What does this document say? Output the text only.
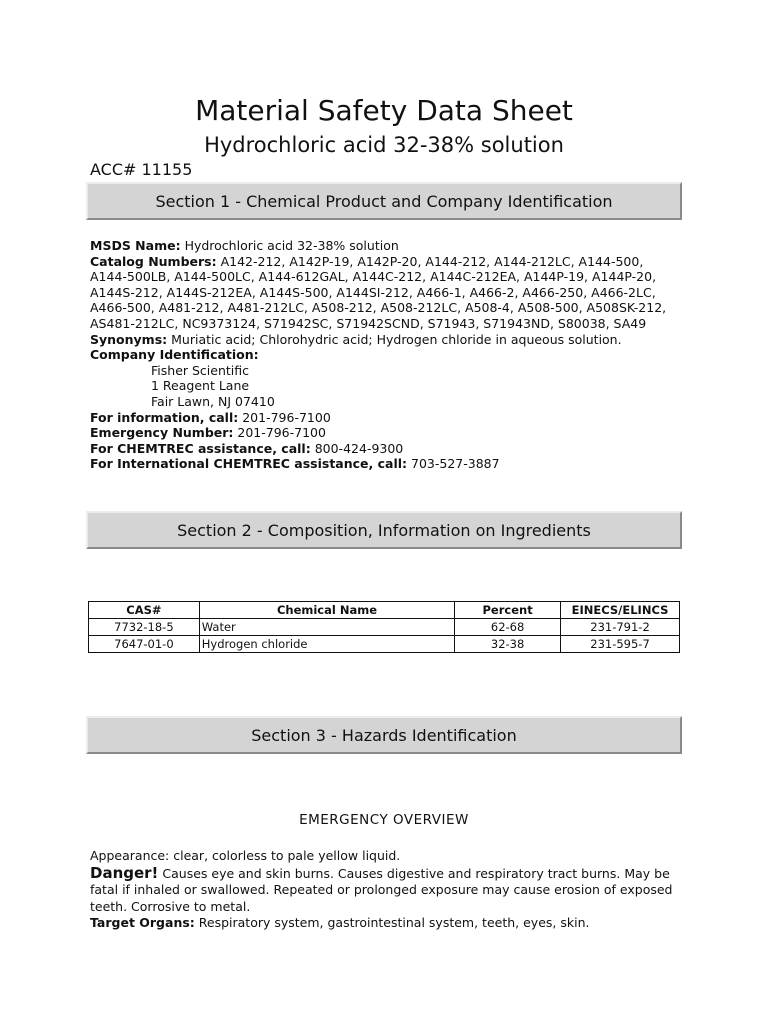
Material Safety Data Sheet
Hydrochloric acid 32-38% solution
ACC# 11155
Section 1 - Chemical Product and Company Identification

MSDS Name: Hydrochloric acid 32-38% solution

Catalog Numbers: A142-212, A142P-19, A142P-20, A144-212, A144-212LC, A144-500, A144-500LB, A144-500LC, A144-612GAL, A144C-212, A144C-212EA, A144P-19, A144P-20, A144S-212, A144S-212EA, A144S-500, A144SI-212, A466-1, A466-2, A466-250, A466-2LC, A466-500, A481-212, A481-212LC, A508-212, A508-212LC, A508-4, A508-500, A508SK-212, AS481-212LC, NC9373124, S71942SC, S71942SCND, S71943, S71943ND, S80038, SA49

Synonyms: Muriatic acid; Chlorohydric acid; Hydrogen chloride in aqueous solution.

Company Identification:

Fisher Scientific

1 Reagent Lane

Fair Lawn, NJ 07410

For information, call: 201-796-7100

Emergency Number: 201-796-7100

For CHEMTREC assistance, call: 800-424-9300

For International CHEMTREC assistance, call: 703-527-3887

Section 2 - Composition, Information on Ingredients
CAS#	Chemical Name	Percent	EINECS/ELINCS
7732-18-5	Water	62-68	231-791-2
7647-01-0	Hydrogen chloride	32-38	231-595-7
Section 3 - Hazards Identification
EMERGENCY OVERVIEW

Appearance: clear, colorless to pale yellow liquid.

Danger! Causes eye and skin burns. Causes digestive and respiratory tract burns. May be fatal if inhaled or swallowed. Repeated or prolonged exposure may cause erosion of exposed teeth. Corrosive to metal.

Target Organs: Respiratory system, gastrointestinal system, teeth, eyes, skin.
